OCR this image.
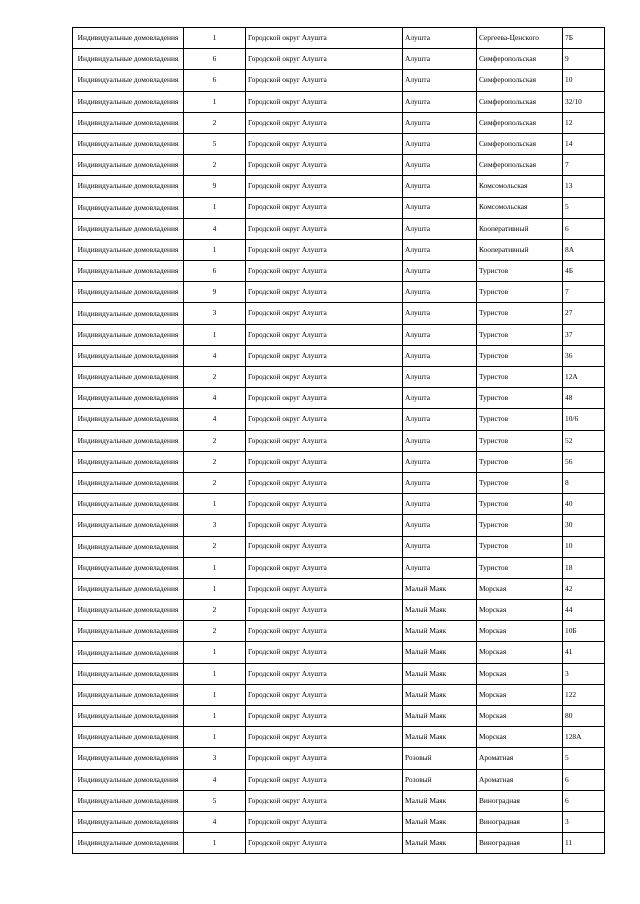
Индивидуальные домовладения	1	Городской округ Алушта	Алушта	Сергеева-Ценского	7Б
Индивидуальные домовладения	6	Городской округ Алушта	Алушта	Симферопольская	9
Индивидуальные домовладения	6	Городской округ Алушта	Алушта	Симферопольская	10
Индивидуальные домовладения	1	Городской округ Алушта	Алушта	Симферопольская	32/10
Индивидуальные домовладения	2	Городской округ Алушта	Алушта	Симферопольская	12
Индивидуальные домовладения	5	Городской округ Алушта	Алушта	Симферопольская	14
Индивидуальные домовладения	2	Городской округ Алушта	Алушта	Симферопольская	7
Индивидуальные домовладения	9	Городской округ Алушта	Алушта	Комсомольская	13
Индивидуальные домовладения	1	Городской округ Алушта	Алушта	Комсомольская	5
Индивидуальные домовладения	4	Городской округ Алушта	Алушта	Кооперативный	6
Индивидуальные домовладения	1	Городской округ Алушта	Алушта	Кооперативный	8А
Индивидуальные домовладения	6	Городской округ Алушта	Алушта	Туристов	4Б
Индивидуальные домовладения	9	Городской округ Алушта	Алушта	Туристов	7
Индивидуальные домовладения	3	Городской округ Алушта	Алушта	Туристов	27
Индивидуальные домовладения	1	Городской округ Алушта	Алушта	Туристов	37
Индивидуальные домовладения	4	Городской округ Алушта	Алушта	Туристов	36
Индивидуальные домовладения	2	Городской округ Алушта	Алушта	Туристов	12А
Индивидуальные домовладения	4	Городской округ Алушта	Алушта	Туристов	48
Индивидуальные домовладения	4	Городской округ Алушта	Алушта	Туристов	10/6
Индивидуальные домовладения	2	Городской округ Алушта	Алушта	Туристов	52
Индивидуальные домовладения	2	Городской округ Алушта	Алушта	Туристов	56
Индивидуальные домовладения	2	Городской округ Алушта	Алушта	Туристов	8
Индивидуальные домовладения	1	Городской округ Алушта	Алушта	Туристов	40
Индивидуальные домовладения	3	Городской округ Алушта	Алушта	Туристов	30
Индивидуальные домовладения	2	Городской округ Алушта	Алушта	Туристов	10
Индивидуальные домовладения	1	Городской округ Алушта	Алушта	Туристов	18
Индивидуальные домовладения	1	Городской округ Алушта	Малый Маяк	Морская	42
Индивидуальные домовладения	2	Городской округ Алушта	Малый Маяк	Морская	44
Индивидуальные домовладения	2	Городской округ Алушта	Малый Маяк	Морская	10Б
Индивидуальные домовладения	1	Городской округ Алушта	Малый Маяк	Морская	41
Индивидуальные домовладения	1	Городской округ Алушта	Малый Маяк	Морская	3
Индивидуальные домовладения	1	Городской округ Алушта	Малый Маяк	Морская	122
Индивидуальные домовладения	1	Городской округ Алушта	Малый Маяк	Морская	80
Индивидуальные домовладения	1	Городской округ Алушта	Малый Маяк	Морская	128А
Индивидуальные домовладения	3	Городской округ Алушта	Розовый	Ароматная	5
Индивидуальные домовладения	4	Городской округ Алушта	Розовый	Ароматная	6
Индивидуальные домовладения	5	Городской округ Алушта	Малый Маяк	Виноградная	6
Индивидуальные домовладения	4	Городской округ Алушта	Малый Маяк	Виноградная	3
Индивидуальные домовладения	1	Городской округ Алушта	Малый Маяк	Виноградная	11
